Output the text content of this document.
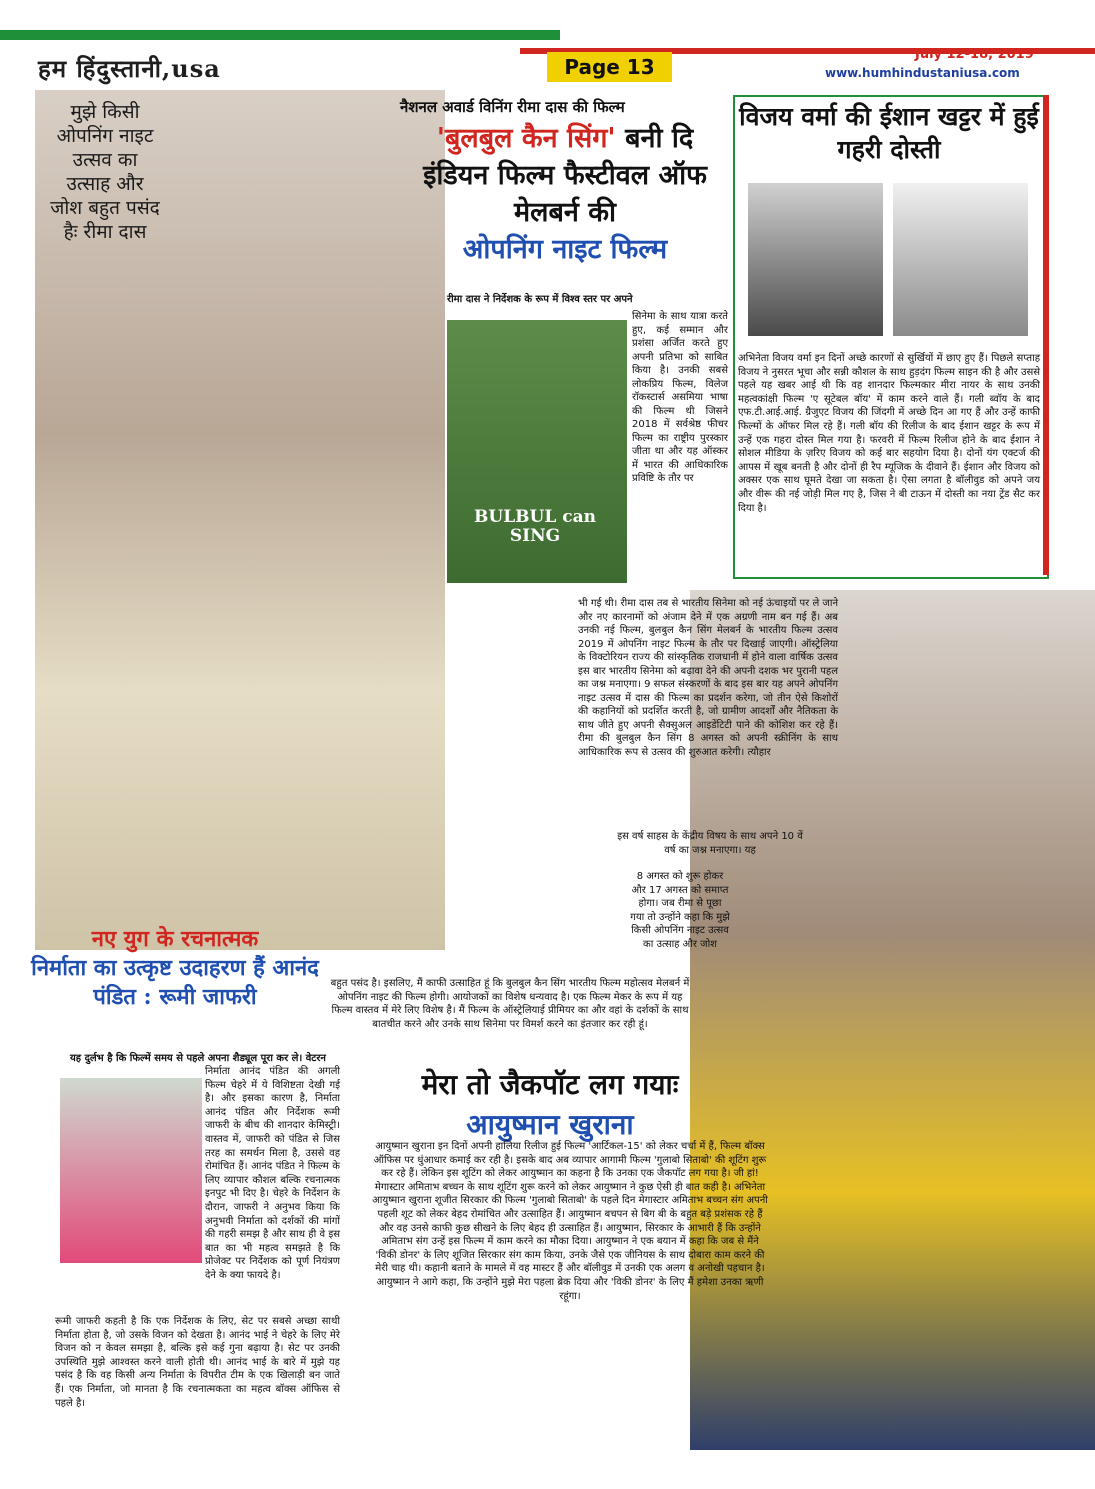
हम हिंदुस्तानी,usa	Page 13
July 12-18, 2019
www.humhindustaniusa.com
BULBUL can SING
मुझे किसी ओपनिंग नाइट उत्सव का उत्साह और जोश बहुत पसंद हैः रीमा दास
नैशनल अवार्ड विनिंग रीमा दास की फिल्म
'बुलबुल कैन सिंग' बनी दि इंडियन फिल्म फैस्टीवल ऑफ मेलबर्न की
ओपनिंग नाइट फिल्म
रीमा दास ने निर्देशक के रूप में विश्व स्तर पर अपने
सिनेमा के साथ यात्रा करते हुए, कई सम्मान और प्रशंसा अर्जित करते हुए अपनी प्रतिभा को साबित किया है। उनकी सबसे लोकप्रिय फिल्म, विलेज रॉकस्टार्स असमिया भाषा की फिल्म थी जिसने 2018 में सर्वश्रेष्ठ फीचर फिल्म का राष्ट्रीय पुरस्कार जीता था और यह ऑस्कर में भारत की आधिकारिक प्रविष्टि के तौर पर
भी गई थी। रीमा दास तब से भारतीय सिनेमा को नई ऊंचाइयों पर ले जाने और नए कारनामों को अंजाम देने में एक अग्रणी नाम बन गई हैं। अब उनकी नई फिल्म, बुलबुल कैन सिंग मेलबर्न के भारतीय फिल्म उत्सव 2019 में ओपनिंग नाइट फिल्म के तौर पर दिखाई जाएगी। ऑस्ट्रेलिया के विक्टोरियन राज्य की सांस्कृतिक राजधानी में होने वाला वार्षिक उत्सव इस बार भारतीय सिनेमा को बढ़ावा देने की अपनी दशक भर पुरानी पहल का जश्न मनाएगा। 9 सफल संस्करणों के बाद इस बार यह अपने ओपनिंग नाइट उत्सव में दास की फिल्म का प्रदर्शन करेगा, जो तीन ऐसे किशोरों की कहानियों को प्रदर्शित करती है, जो ग्रामीण आदर्शों और नैतिकता के साथ जीते हुए अपनी सैक्सुअल आइडेंटिटी पाने की कोशिश कर रहे हैं। रीमा की बुलबुल कैन सिंग 8 अगस्त को अपनी स्क्रीनिंग के साथ आधिकारिक रूप से उत्सव की शुरुआत करेगी। त्यौहार
इस वर्ष साहस के केंद्रीय विषय के साथ अपने 10 वें वर्ष का जश्न मनाएगा। यह
8 अगस्त को शुरू होकर और 17 अगस्त को समाप्त होगा। जब रीमा से पूछा गया तो उन्होंने कहा कि मुझे किसी ओपनिंग नाइट उत्सव का उत्साह और जोश
बहुत पसंद है। इसलिए, मैं काफी उत्साहित हूं कि बुलबुल कैन सिंग भारतीय फिल्म महोत्सव मेलबर्न में ओपनिंग नाइट की फिल्म होगी। आयोजकों का विशेष धन्यवाद है। एक फिल्म मेकर के रूप में यह फिल्म वास्तव में मेरे लिए विशेष है। मैं फिल्म के ऑस्ट्रेलियाई प्रीमियर का और वहां के दर्शकों के साथ बातचीत करने और उनके साथ सिनेमा पर विमर्श करने का इंतजार कर रही हूं।
विजय वर्मा की ईशान खट्टर में हुई गहरी दोस्ती
अभिनेता विजय वर्मा इन दिनों अच्छे कारणों से सुर्खियों में छाए हुए हैं। पिछले सप्ताह विजय ने नुसरत भूचा और सन्नी कौशल के साथ हुड़दंग फिल्म साइन की है और उससे पहले यह खबर आई थी कि वह शानदार फिल्मकार मीरा नायर के साथ उनकी महत्वकांक्षी फिल्म 'ए सूटेबल बॉय' में काम करने वाले हैं। गली ब्वॉय के बाद एफ.टी.आई.आई. ग्रैजुएट विजय की जिंदगी में अच्छे दिन आ गए हैं और उन्हें काफी फिल्मों के ऑफर मिल रहे हैं। गली बॉय की रिलीज के बाद ईशान खट्टर के रूप में उन्हें एक गहरा दोस्त मिल गया है। फरवरी में फिल्म रिलीज होने के बाद ईशान ने सोशल मीडिया के ज़रिए विजय को कई बार सहयोग दिया है। दोनों यंग एक्टर्ज की आपस में खूब बनती है और दोनों ही रैप म्यूजिक के दीवाने हैं। ईशान और विजय को अक्सर एक साथ घूमते देखा जा सकता है। ऐसा लगता है बॉलीवुड को अपने जय और वीरू की नई जोड़ी मिल गए है, जिस ने बी टाऊन में दोस्ती का नया ट्रेंड सैट कर दिया है।
नए युग के रचनात्मक
निर्माता का उत्कृष्ट उदाहरण हैं आनंद पंडित : रूमी जाफरी
यह दुर्लभ है कि फिल्में समय से पहले अपना शैड्यूल पूरा कर ले। वेटरन
निर्माता आनंद पंडित की अगली फिल्म चेहरे में ये विशिष्टता देखी गई है। और इसका कारण है, निर्माता आनंद पंडित और निर्देशक रूमी जाफरी के बीच की शानदार केमिस्ट्री। वास्तव में, जाफरी को पंडित से जिस तरह का समर्थन मिला है, उससे वह रोमांचित हैं। आनंद पंडित ने फिल्म के लिए व्यापार कौशल बल्कि रचनात्मक इनपुट भी दिए है। चेहरे के निर्देशन के दौरान, जाफरी ने अनुभव किया कि अनुभवी निर्माता को दर्शकों की मांगों की गहरी समझ है और साथ ही वे इस बात का भी महत्व समझते है कि प्रोजेक्ट पर निर्देशक को पूर्ण नियंत्रण देने के क्या फायदे है।
रूमी जाफरी कहती है कि एक निर्देशक के लिए, सेट पर सबसे अच्छा साथी निर्माता होता है, जो उसके विजन को देखता है। आनंद भाई ने चेहरे के लिए मेरे विजन को न केवल समझा है, बल्कि इसे कई गुना बढ़ाया है। सेट पर उनकी उपस्थिति मुझे आश्वस्त करने वाली होती थी। आनंद भाई के बारे में मुझे यह पसंद है कि वह किसी अन्य निर्माता के विपरीत टीम के एक खिलाड़ी बन जाते हैं। एक निर्माता, जो मानता है कि रचनात्मकता का महत्व बॉक्स ऑफिस से पहले है।
मेरा तो जैकपॉट लग गयाः आयुष्मान खुराना
आयुष्मान खुराना इन दिनों अपनी हालिया रिलीज हुई फिल्म 'आर्टिकल-15' को लेकर चर्चा में हैं, फिल्म बॉक्स ऑफिस पर धुंआधार कमाई कर रही है। इसके बाद अब व्यापार आगामी फिल्म 'गुलाबो सिताबो' की शूटिंग शुरू कर रहे हैं। लेकिन इस शूटिंग को लेकर आयुष्मान का कहना है कि उनका एक जैकपॉट लग गया है। जी हां! मेगास्टार अमिताभ बच्चन के साथ शूटिंग शुरू करने को लेकर आयुष्मान ने कुछ ऐसी ही बात कही है। अभिनेता आयुष्मान खुराना शूजीत सिरकार की फिल्म 'गुलाबो सिताबो' के पहले दिन मेगास्टार अमिताभ बच्चन संग अपनी पहली शूट को लेकर बेहद रोमांचित और उत्साहित हैं। आयुष्मान बचपन से बिग बी के बहुत बड़े प्रशंसक रहे हैं और वह उनसे काफी कुछ सीखने के लिए बेहद ही उत्साहित हैं। आयुष्मान, सिरकार के आभारी हैं कि उन्होंने अमिताभ संग उन्हें इस फिल्म में काम करने का मौका दिया। आयुष्मान ने एक बयान में कहा कि जब से मैंने 'विकी डोनर' के लिए शूजित सिरकार संग काम किया, उनके जैसे एक जीनियस के साथ दोबारा काम करने की मेरी चाह थी। कहानी बताने के मामले में वह मास्टर हैं और बॉलीवुड में उनकी एक अलग व अनोखी पहचान है। आयुष्मान ने आगे कहा, कि उन्होंने मुझे मेरा पहला ब्रेक दिया और 'विकी डोनर' के लिए मैं हमेशा उनका ऋणी रहूंगा।
